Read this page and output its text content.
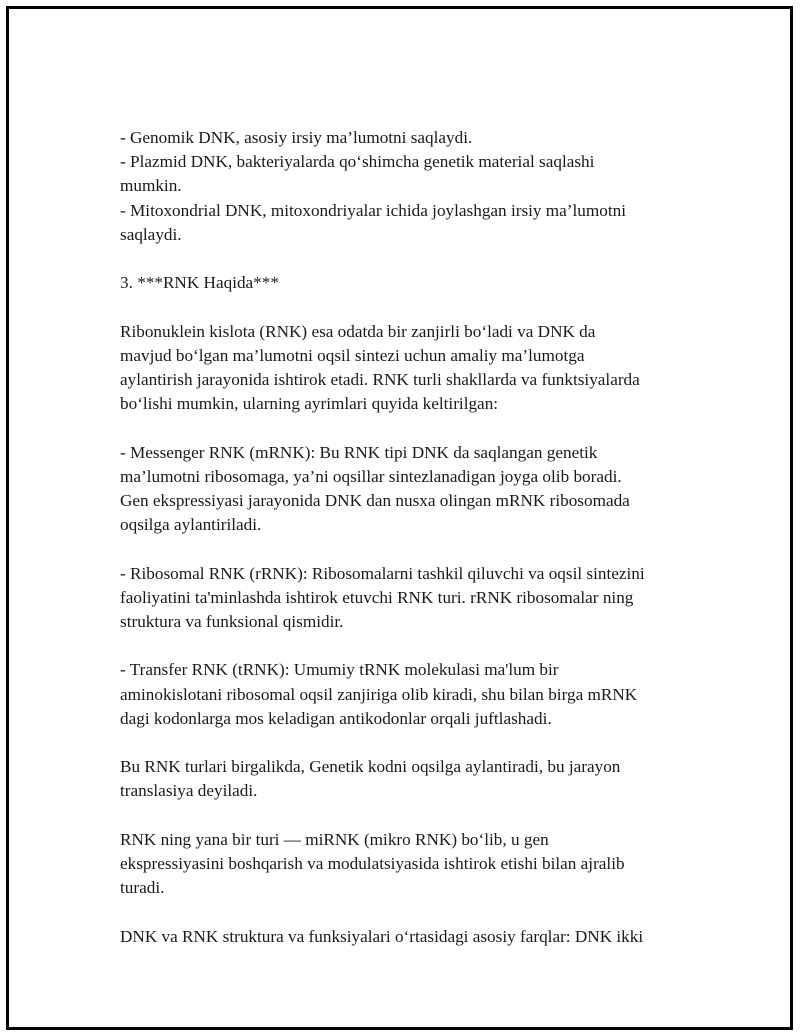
- Genomik DNK, asosiy irsiy ma’lumotni saqlaydi.

- Plazmid DNK, bakteriyalarda qo‘shimcha genetik material saqlashi

mumkin.

- Mitoxondrial DNK, mitoxondriyalar ichida joylashgan irsiy ma’lumotni

saqlaydi.

3. ***RNK Haqida***

Ribonuklein kislota (RNK) esa odatda bir zanjirli bo‘ladi va DNK da

mavjud bo‘lgan ma’lumotni oqsil sintezi uchun amaliy ma’lumotga

aylantirish jarayonida ishtirok etadi. RNK turli shakllarda va funktsiyalarda

bo‘lishi mumkin, ularning ayrimlari quyida keltirilgan:

- Messenger RNK (mRNK): Bu RNK tipi DNK da saqlangan genetik

ma’lumotni ribosomaga, ya’ni oqsillar sintezlanadigan joyga olib boradi.

Gen ekspressiyasi jarayonida DNK dan nusxa olingan mRNK ribosomada

oqsilga aylantiriladi.

- Ribosomal RNK (rRNK): Ribosomalarni tashkil qiluvchi va oqsil sintezini

faoliyatini ta'minlashda ishtirok etuvchi RNK turi. rRNK ribosomalar ning

struktura va funksional qismidir.

- Transfer RNK (tRNK): Umumiy tRNK molekulasi ma'lum bir

aminokislotani ribosomal oqsil zanjiriga olib kiradi, shu bilan birga mRNK

dagi kodonlarga mos keladigan antikodonlar orqali juftlashadi.

Bu RNK turlari birgalikda, Genetik kodni oqsilga aylantiradi, bu jarayon

translasiya deyiladi.

RNK ning yana bir turi — miRNK (mikro RNK) bo‘lib, u gen

ekspressiyasini boshqarish va modulatsiyasida ishtirok etishi bilan ajralib

turadi.

DNK va RNK struktura va funksiyalari o‘rtasidagi asosiy farqlar: DNK ikki
